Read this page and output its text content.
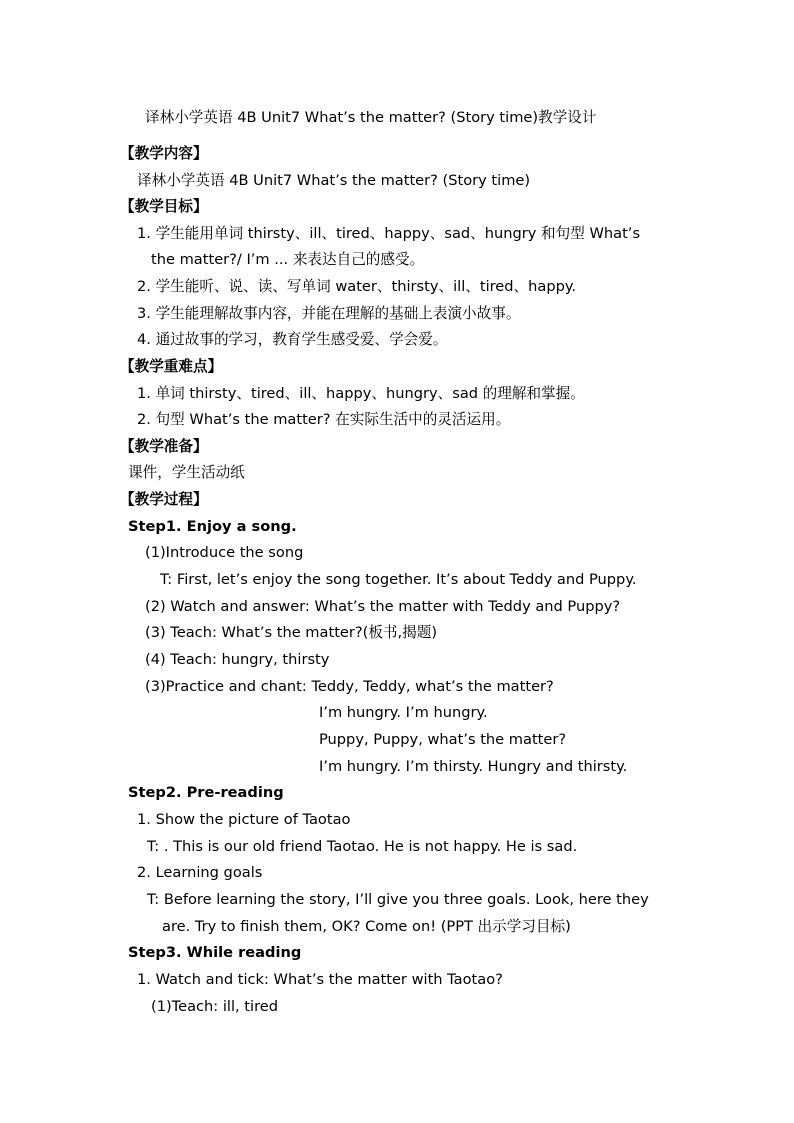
译林小学英语 4B Unit7 What’s the matter? (Story time)教学设计
【教学内容】
译林小学英语 4B Unit7 What’s the matter? (Story time)
【教学目标】
1. 学生能用单词 thirsty、ill、tired、happy、sad、hungry 和句型 What’s
the matter?/ I’m ... 来表达自己的感受。
2. 学生能听、说、读、写单词 water、thirsty、ill、tired、happy.
3. 学生能理解故事内容，并能在理解的基础上表演小故事。
4. 通过故事的学习，教育学生感受爱、学会爱。
【教学重难点】
1. 单词 thirsty、tired、ill、happy、hungry、sad 的理解和掌握。
2. 句型 What’s the matter? 在实际生活中的灵活运用。
【教学准备】
课件，学生活动纸
【教学过程】
Step1. Enjoy a song.
(1)Introduce the song
T: First, let’s enjoy the song together. It’s about Teddy and Puppy.
(2) Watch and answer: What’s the matter with Teddy and Puppy?
(3) Teach: What’s the matter?(板书,揭题)
(4) Teach: hungry, thirsty
(3)Practice and chant: Teddy, Teddy, what’s the matter?
I’m hungry. I’m hungry.
Puppy, Puppy, what’s the matter?
I’m hungry. I’m thirsty. Hungry and thirsty.
Step2. Pre-reading
1. Show the picture of Taotao
T: . This is our old friend Taotao. He is not happy. He is sad.
2. Learning goals
T: Before learning the story, I’ll give you three goals. Look, here they
are. Try to finish them, OK? Come on! (PPT 出示学习目标)
Step3. While reading
1. Watch and tick: What’s the matter with Taotao?
(1)Teach: ill, tired
